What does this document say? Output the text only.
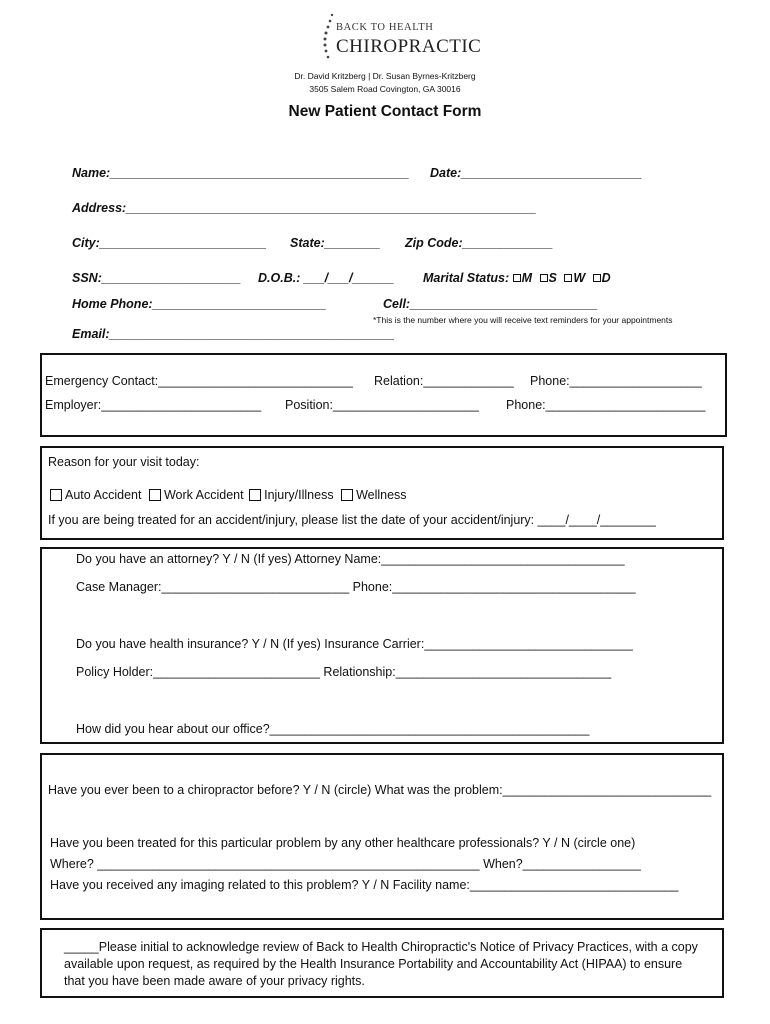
BACK TO HEALTH
CHIROPRACTIC
Dr. David Kritzberg | Dr. Susan Byrnes-Kritzberg
3505 Salem Road Covington, GA 30016
New Patient Contact Form
Name:___________________________________________ Date:__________________________
Address:___________________________________________________________
City:________________________ State:________ Zip Code:_____________
SSN:____________________ D.O.B.: ___/___/______ Marital Status: M S W D
Home Phone:_________________________	Cell:___________________________
*This is the number where you will receive text reminders for your appointments
Email:_________________________________________
Emergency Contact:____________________________ Relation:_____________ Phone:___________________
Employer:_______________________ Position:_____________________ Phone:_______________________
Reason for your visit today:
Auto Accident Work Accident Injury/Illness Wellness
If you are being treated for an accident/injury, please list the date of your accident/injury: ____/____/________
Do you have an attorney? Y / N (If yes) Attorney Name:___________________________________
Case Manager:___________________________ Phone:___________________________________
Do you have health insurance? Y / N (If yes) Insurance Carrier:______________________________
Policy Holder:________________________ Relationship:_______________________________
How did you hear about our office?______________________________________________
Have you ever been to a chiropractor before? Y / N (circle) What was the problem:______________________________
Have you been treated for this particular problem by any other healthcare professionals? Y / N (circle one)
Where? _______________________________________________________ When?_________________
Have you received any imaging related to this problem? Y / N Facility name:______________________________
_____Please initial to acknowledge review of Back to Health Chiropractic's Notice of Privacy Practices, with a copy
available upon request, as required by the Health Insurance Portability and Accountability Act (HIPAA) to ensure
that you have been made aware of your privacy rights.
